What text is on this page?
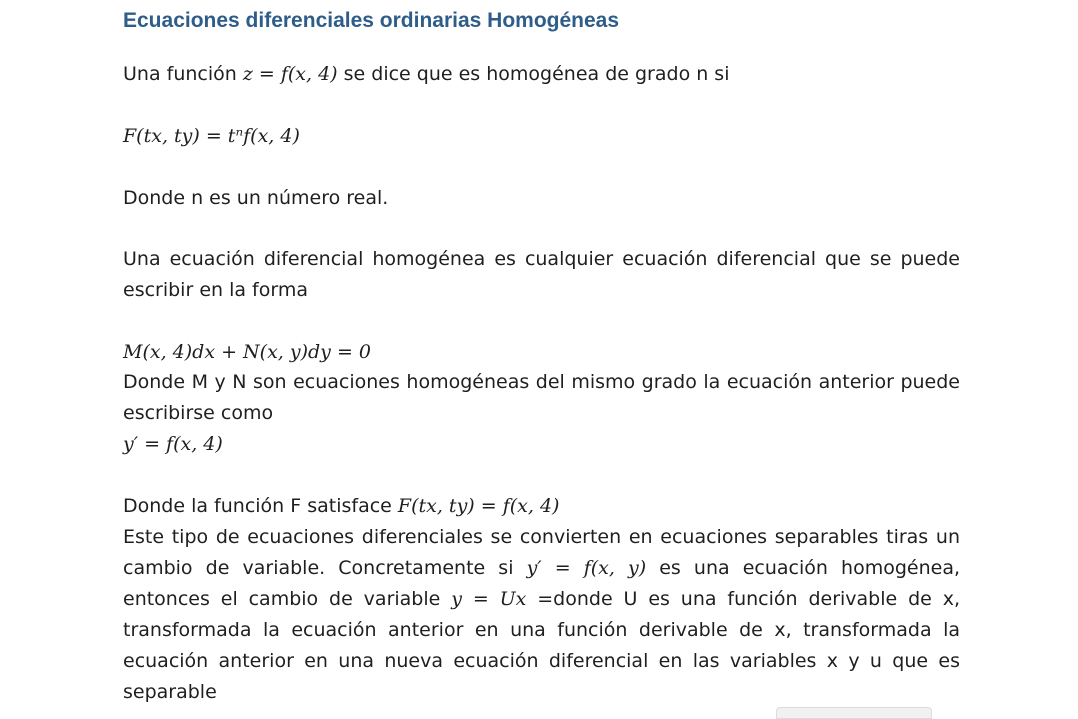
Ecuaciones diferenciales ordinarias Homogéneas

Una función z = f(x, 4) se dice que es homogénea de grado n si

F(tx, ty) = tⁿf(x, 4)

Donde n es un número real.

Una ecuación diferencial homogénea es cualquier ecuación diferencial que se puede escribir en la forma

M(x, 4)dx + N(x, y)dy = 0

Donde M y N son ecuaciones homogéneas del mismo grado la ecuación anterior puede escribirse como

y′ = f(x, 4)

Donde la función F satisface F(tx, ty) = f(x, 4)

Este tipo de ecuaciones diferenciales se convierten en ecuaciones separables tiras un cambio de variable. Concretamente si y′ = f(x, y) es una ecuación homogénea, entonces el cambio de variable y = Ux =donde U es una función derivable de x, transformada la ecuación anterior en una función derivable de x, transformada la ecuación anterior en una nueva ecuación diferencial en las variables x y u que es separable
